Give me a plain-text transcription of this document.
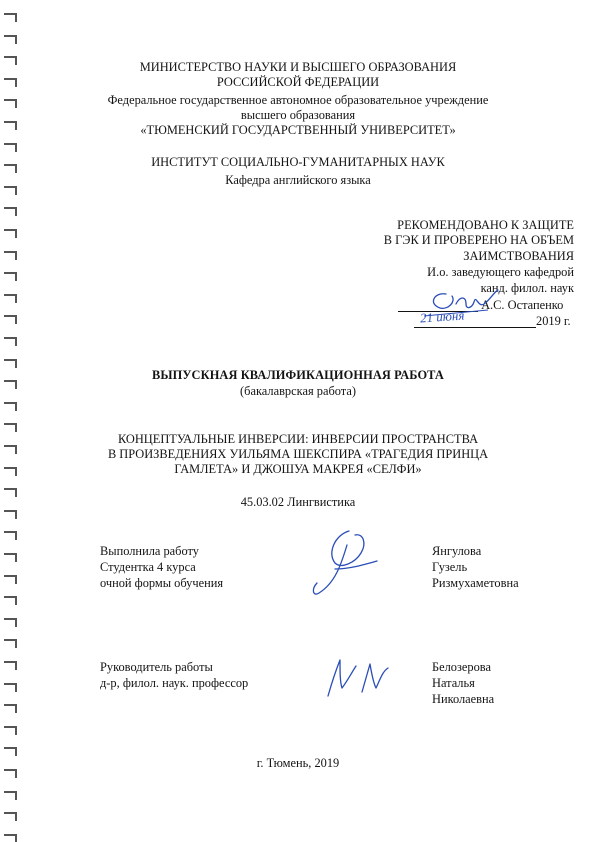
МИНИСТЕРСТВО НАУКИ И ВЫСШЕГО ОБРАЗОВАНИЯ
РОССИЙСКОЙ ФЕДЕРАЦИИ
Федеральное государственное автономное образовательное учреждение
высшего образования
«ТЮМЕНСКИЙ ГОСУДАРСТВЕННЫЙ УНИВЕРСИТЕТ»
ИНСТИТУТ СОЦИАЛЬНО-ГУМАНИТАРНЫХ НАУК
Кафедра английского языка
РЕКОМЕНДОВАНО К ЗАЩИТЕ
В ГЭК И ПРОВЕРЕНО НА ОБЪЕМ
ЗАИМСТВОВАНИЯ
И.о. заведующего кафедрой
канд. филол. наук
А.С. Остапенко
2019 г.
21 июня
ВЫПУСКНАЯ КВАЛИФИКАЦИОННАЯ РАБОТА
(бакалаврская работа)
КОНЦЕПТУАЛЬНЫЕ ИНВЕРСИИ: ИНВЕРСИИ ПРОСТРАНСТВА
В ПРОИЗВЕДЕНИЯХ УИЛЬЯМА ШЕКСПИРА «ТРАГЕДИЯ ПРИНЦА
ГАМЛЕТА» И ДЖОШУА МАКРЕЯ «СЕЛФИ»
45.03.02 Лингвистика
Выполнила работу
Студентка 4 курса
очной формы обучения
Янгулова
Гузель
Ризмухаметовна
Руководитель работы
д-р, филол. наук. профессор
Белозерова
Наталья
Николаевна
г. Тюмень, 2019
